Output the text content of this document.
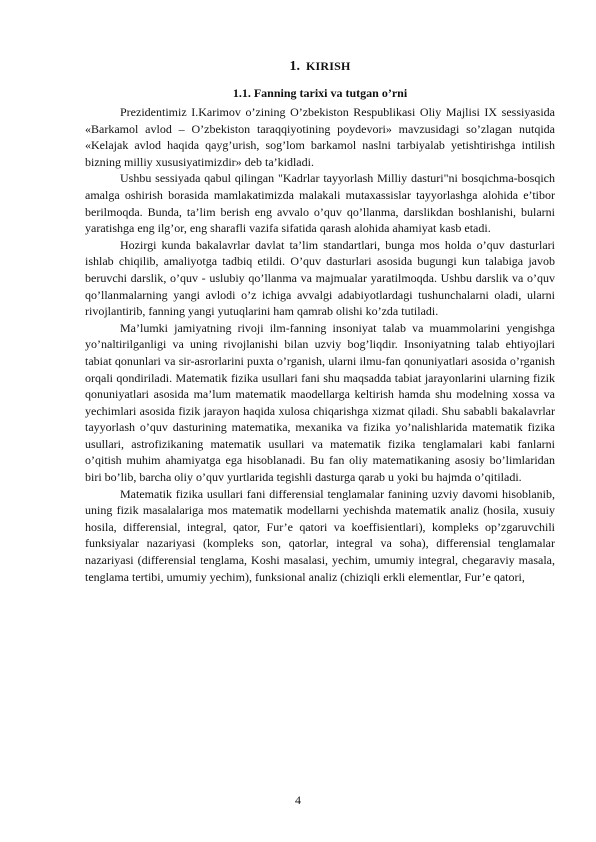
1. KIRISH
1.1. Fanning tarixi va tutgan o’rni

Prezidentimiz I.Karimov o’zining O’zbekiston Respublikasi Oliy Majlisi IX sessiyasida «Barkamol avlod – O’zbekiston taraqqiyotining poydevori» mavzusidagi so’zlagan nutqida «Kelajak avlod haqida qayg’urish, sog’lom barkamol naslni tarbiyalab yetishtirishga intilish bizning milliy xususiyatimizdir» deb ta’kidladi.

Ushbu sessiyada qabul qilingan "Kadrlar tayyorlash Milliy dasturi"ni bosqichma-bosqich amalga oshirish borasida mamlakatimizda malakali mutaxassislar tayyorlashga alohida e’tibor berilmoqda. Bunda, ta’lim berish eng avvalo o’quv qo’llanma, darslikdan boshlanishi, bularni yaratishga eng ilg’or, eng sharafli vazifa sifatida qarash alohida ahamiyat kasb etadi.

Hozirgi kunda bakalavrlar davlat ta’lim standartlari, bunga mos holda o’quv dasturlari ishlab chiqilib, amaliyotga tadbiq etildi. O’quv dasturlari asosida bugungi kun talabiga javob beruvchi darslik, o’quv - uslubiy qo’llanma va majmualar yaratilmoqda. Ushbu darslik va o’quv qo’llanmalarning yangi avlodi o’z ichiga avvalgi adabiyotlardagi tushunchalarni oladi, ularni rivojlantirib, fanning yangi yutuqlarini ham qamrab olishi ko’zda tutiladi.

Ma’lumki jamiyatning rivoji ilm-fanning insoniyat talab va muammolarini yengishga yo’naltirilganligi va uning rivojlanishi bilan uzviy bog’liqdir. Insoniyatning talab ehtiyojlari tabiat qonunlari va sir-asrorlarini puxta o’rganish, ularni ilmu-fan qonuniyatlari asosida o’rganish orqali qondiriladi. Matematik fizika usullari fani shu maqsadda tabiat jarayonlarini ularning fizik qonuniyatlari asosida ma’lum matematik maodellarga keltirish hamda shu modelning xossa va yechimlari asosida fizik jarayon haqida xulosa chiqarishga xizmat qiladi. Shu sababli bakalavrlar tayyorlash o’quv dasturining matematika, mexanika va fizika yo’nalishlarida matematik fizika usullari, astrofizikaning matematik usullari va matematik fizika tenglamalari kabi fanlarni o’qitish muhim ahamiyatga ega hisoblanadi. Bu fan oliy matematikaning asosiy bo’limlaridan biri bo’lib, barcha oliy o’quv yurtlarida tegishli dasturga qarab u yoki bu hajmda o’qitiladi.

Matematik fizika usullari fani differensial tenglamalar fanining uzviy davomi hisoblanib, uning fizik masalalariga mos matematik modellarni yechishda matematik analiz (hosila, xusuiy hosila, differensial, integral, qator, Fur’e qatori va koeffisientlari), kompleks op’zgaruvchili funksiyalar nazariyasi (kompleks son, qatorlar, integral va soha), differensial tenglamalar nazariyasi (differensial tenglama, Koshi masalasi, yechim, umumiy integral, chegaraviy masala, tenglama tertibi, umumiy yechim), funksional analiz (chiziqli erkli elementlar, Fur’e qatori,

4
